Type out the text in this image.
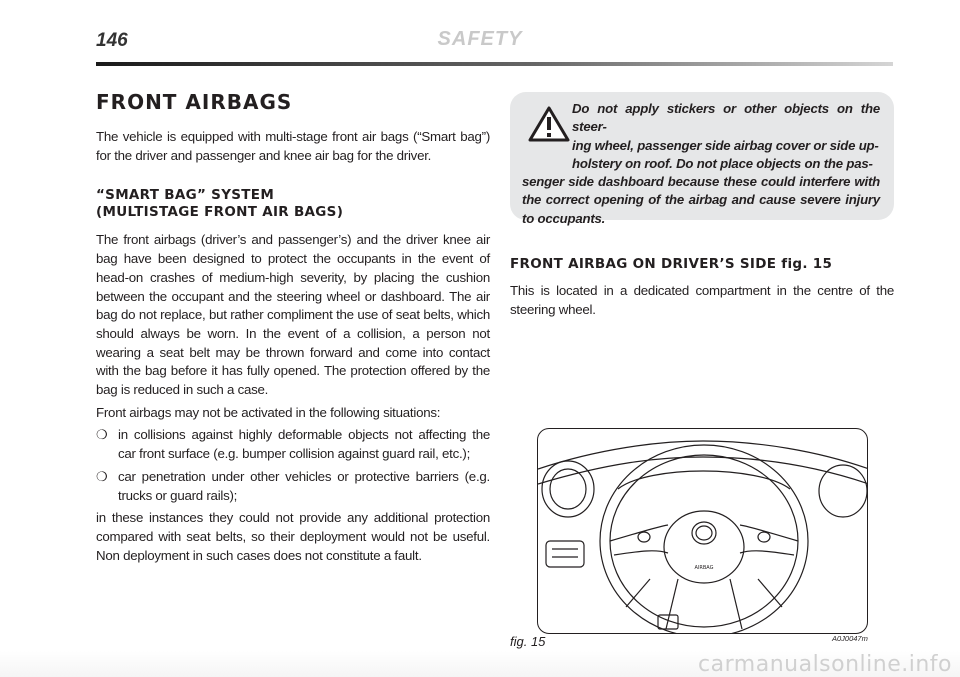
146	SAFETY
FRONT AIRBAGS

The vehicle is equipped with multi-stage front air bags (“Smart bag”) for the driver and passenger and knee air bag for the driver.

“SMART BAG” SYSTEM
(MULTISTAGE FRONT AIR BAGS)

The front airbags (driver’s and passenger’s) and the driver knee air bag have been designed to protect the occupants in the event of head-on crashes of medium-high severity, by placing the cushion between the occupant and the steering wheel or dashboard. The air bag do not replace, but rather compliment the use of seat belts, which should always be worn. In the event of a collision, a person not wearing a seat belt may be thrown forward and come into contact with the bag before it has fully opened. The protection offered by the bag is reduced in such a case.

Front airbags may not be activated in the following situations:

❍ in collisions against highly deformable objects not affecting the car front surface (e.g. bumper collision against guard rail, etc.);
❍ car penetration under other vehicles or protective barriers (e.g. trucks or guard rails);

in these instances they could not provide any additional protection compared with seat belts, so their deployment would not be useful. Non deployment in such cases does not constitute a fault.

Do not apply stickers or other objects on the steer-
ing wheel, passenger side airbag cover or side up-
holstery on roof. Do not place objects on the pas-
senger side dashboard because these could interfere with the correct opening of the airbag and cause severe injury to occupants.

FRONT AIRBAG ON DRIVER’S SIDE fig. 15

This is located in a dedicated compartment in the centre of the steering wheel.

AIRBAG
fig. 15	A0J0047m
carmanualsonline.info
